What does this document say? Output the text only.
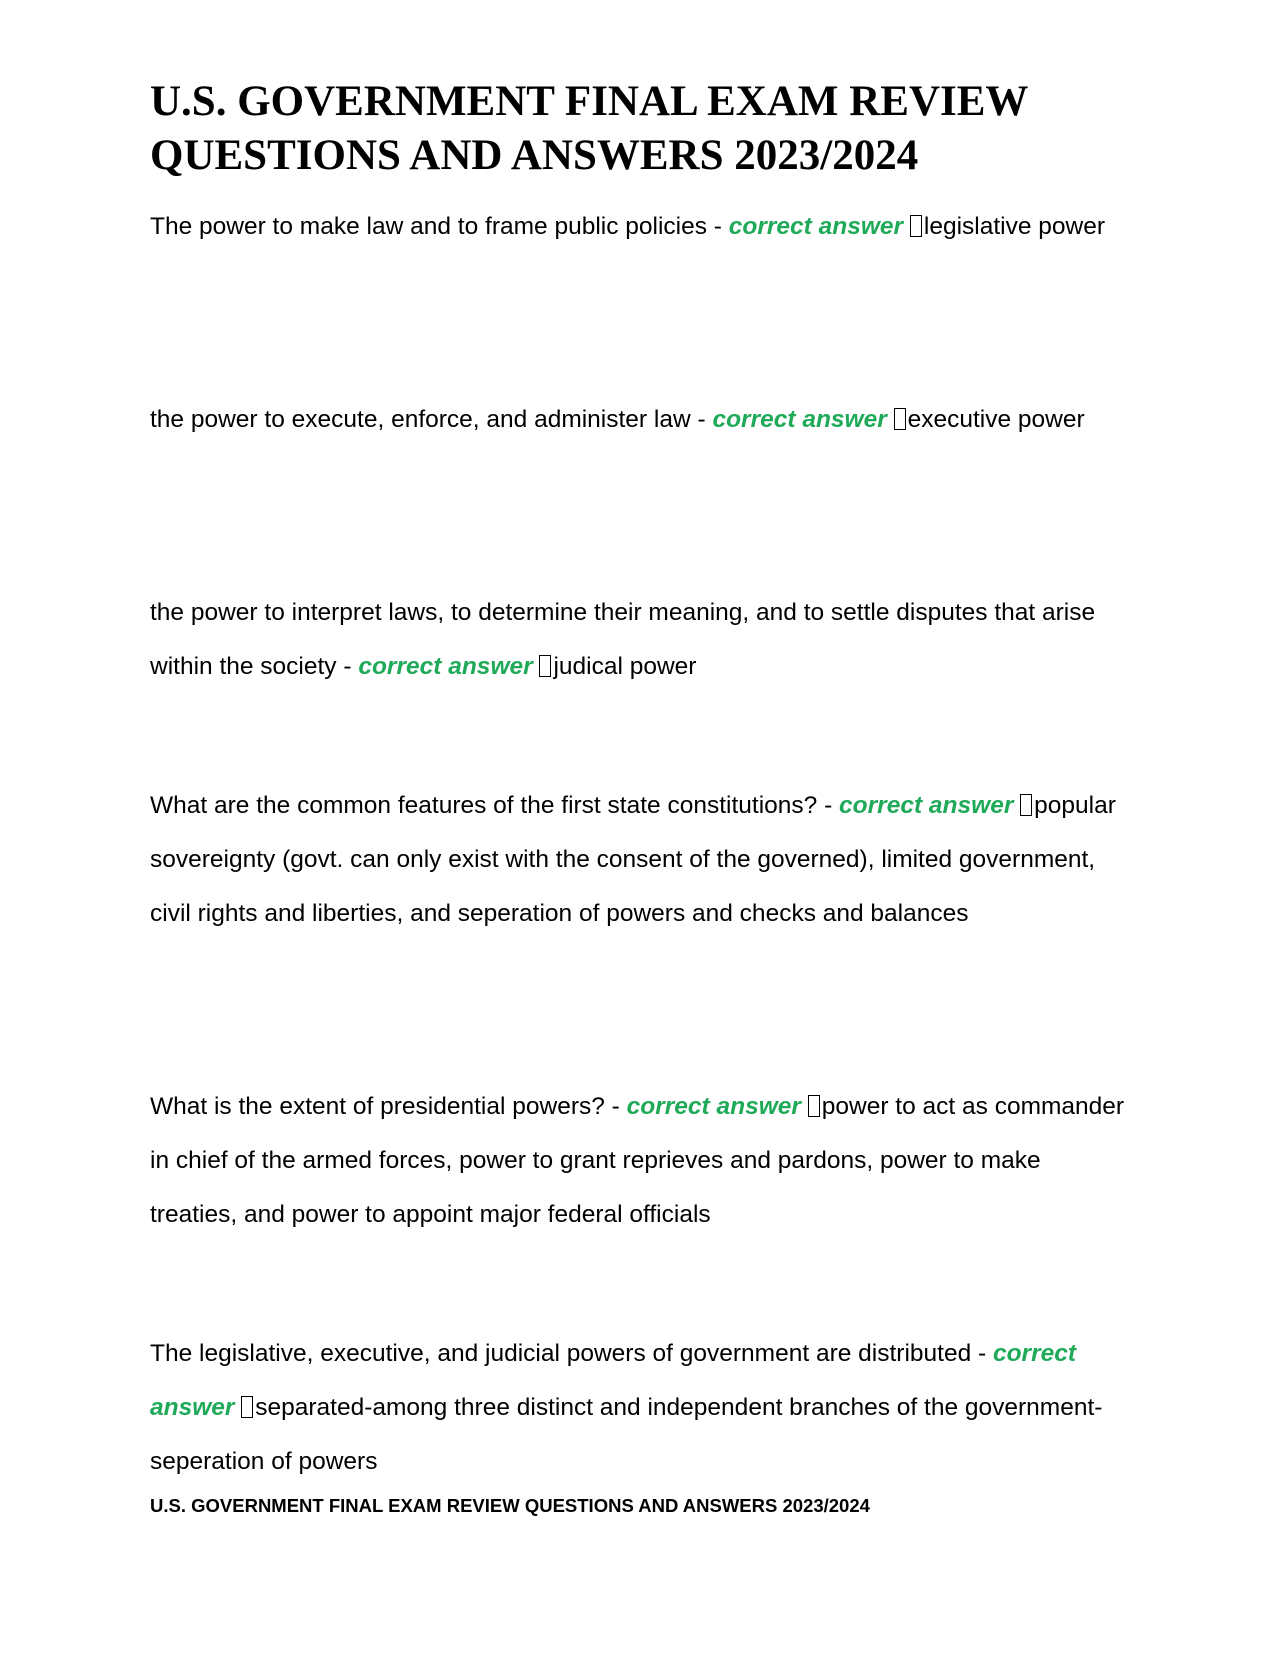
U.S. GOVERNMENT FINAL EXAM REVIEW QUESTIONS AND ANSWERS 2023/2024

The power to make law and to frame public policies - correct answer legislative power

the power to execute, enforce, and administer law - correct answer executive power

the power to interpret laws, to determine their meaning, and to settle disputes that arise within the society - correct answer judical power

What are the common features of the first state constitutions? - correct answer popular sovereignty (govt. can only exist with the consent of the governed), limited government, civil rights and liberties, and seperation of powers and checks and balances

What is the extent of presidential powers? - correct answer power to act as commander in chief of the armed forces, power to grant reprieves and pardons, power to make treaties, and power to appoint major federal officials

The legislative, executive, and judicial powers of government are distributed - correct answer separated-among three distinct and independent branches of the government- seperation of powers

U.S. GOVERNMENT FINAL EXAM REVIEW QUESTIONS AND ANSWERS 2023/2024
